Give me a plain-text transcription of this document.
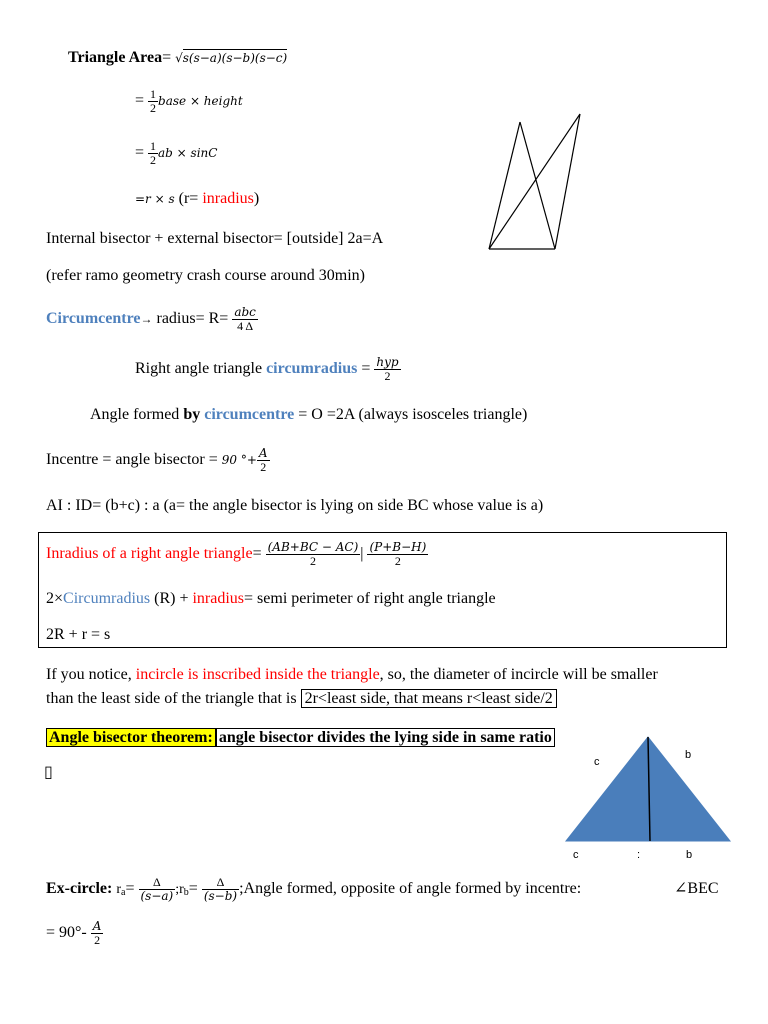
Triangle Area= √s(s−a)(s−b)(s−c)
= $\frac{1}{2}$ base × height
= $\frac{1}{2}$ ab × sinC
=r × s (r= inradius)
Internal bisector + external bisector= [outside] 2a=A
(refer ramo geometry crash course around 30min)
Circumcentre→ radius= $R= \frac{\text{abc}}{4 \Delta}$
Right angle triangle circumradius = $\frac{\text{hyp}}{2}$
Angle formed by circumcentre = O =2A (always isosceles triangle)
Incentre = angle bisector = 90 °+ $\frac{A}{2}$
AI : ID= (b+c) : a (a= the angle bisector is lying on side BC whose value is a)
Inradius of a right angle triangle= $\frac{(AB+BC - AC)}{2}$ | $\frac{(P+B-H)}{2}$
2×Circumradius (R) + inradius= semi perimeter of right angle triangle
2R + r = s
If you notice, incircle is inscribed inside the triangle, so, the diameter of incircle will be smaller
than the least side of the triangle that is 2r<least side, that means r<least side/2
Angle bisector theorem: angle bisector divides the lying side in same ratio
▯	c
b
c	:	b
Ex-circle: $r_a= \frac{\Delta}{(s-a)}$ $;r_b= \frac{\Delta}{(s-b)}$ ;Angle formed, opposite of angle formed by incentre:	∠BEC
= $90^\circ- \frac{A}{2}$
